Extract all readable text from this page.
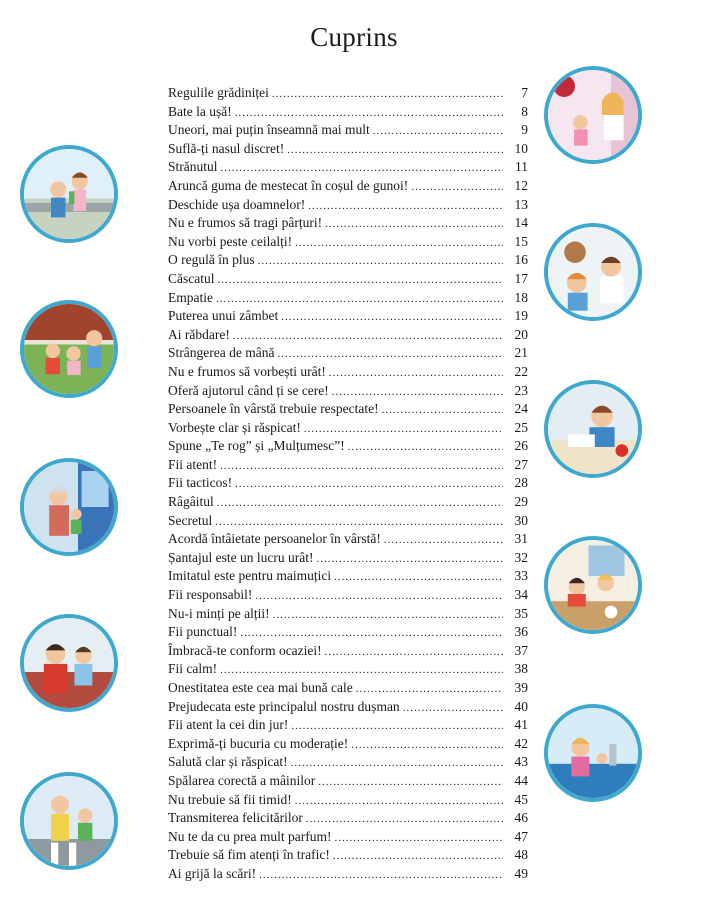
Cuprins
Regulile grădiniței .....	7
Bate la ușă! .....	8
Uneori, mai puțin înseamnă mai mult .....	9
Suflă-ți nasul discret! .....	10
Strănutul .....	11
Aruncă guma de mestecat în coșul de gunoi! .....	12
Deschide ușa doamnelor! .....	13
Nu e frumos să tragi pârțuri! .....	14
Nu vorbi peste ceilalți! .....	15
O regulă în plus .....	16
Căscatul .....	17
Empatie .....	18
Puterea unui zâmbet .....	19
Ai răbdare! .....	20
Strângerea de mână .....	21
Nu e frumos să vorbești urât! .....	22
Oferă ajutorul când ți se cere! .....	23
Persoanele în vârstă trebuie respectate! .....	24
Vorbește clar și răspicat! .....	25
Spune „Te rog” și „Mulțumesc”! .....	26
Fii atent! .....	27
Fii tacticos! .....	28
Râgâitul .....	29
Secretul .....	30
Acordă întâietate persoanelor în vârstă! .....	31
Șantajul este un lucru urât! .....	32
Imitatul este pentru maimuțici .....	33
Fii responsabil! .....	34
Nu-i minți pe alții! .....	35
Fii punctual! .....	36
Îmbracă-te conform ocaziei! .....	37
Fii calm! .....	38
Onestitatea este cea mai bună cale .....	39
Prejudecata este principalul nostru dușman .....	40
Fii atent la cei din jur! .....	41
Exprimă-ți bucuria cu moderație! .....	42
Salută clar și răspicat! .....	43
Spălarea corectă a mâinilor .....	44
Nu trebuie să fii timid! .....	45
Transmiterea felicitărilor .....	46
Nu te da cu prea mult parfum! .....	47
Trebuie să fim atenți în trafic! .....	48
Ai grijă la scări! .....	49
